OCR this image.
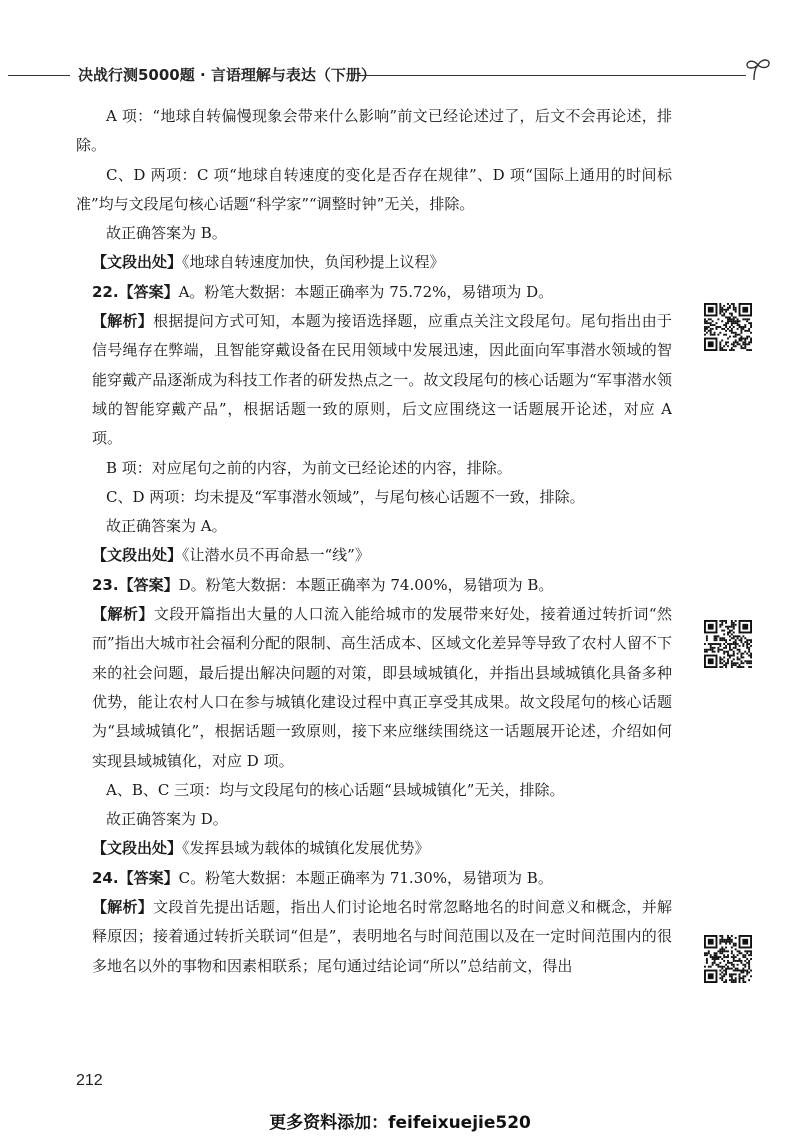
决战行测5000题 · 言语理解与表达（下册）
A 项：“地球自转偏慢现象会带来什么影响”前文已经论述过了，后文不会再论述，排除。
C、D 两项：C 项“地球自转速度的变化是否存在规律”、D 项“国际上通用的时间标准”均与文段尾句核心话题“科学家”“调整时钟”无关，排除。
故正确答案为 B。
【文段出处】《地球自转速度加快，负闰秒提上议程》
22.【答案】A。粉笔大数据：本题正确率为 75.72%，易错项为 D。
【解析】根据提问方式可知，本题为接语选择题，应重点关注文段尾句。尾句指出由于信号绳存在弊端，且智能穿戴设备在民用领域中发展迅速，因此面向军事潜水领域的智能穿戴产品逐渐成为科技工作者的研发热点之一。故文段尾句的核心话题为“军事潜水领域的智能穿戴产品”，根据话题一致的原则，后文应围绕这一话题展开论述，对应 A 项。
B 项：对应尾句之前的内容，为前文已经论述的内容，排除。
C、D 两项：均未提及“军事潜水领域”，与尾句核心话题不一致，排除。
故正确答案为 A。
【文段出处】《让潜水员不再命悬一“线”》
23.【答案】D。粉笔大数据：本题正确率为 74.00%，易错项为 B。
【解析】文段开篇指出大量的人口流入能给城市的发展带来好处，接着通过转折词“然而”指出大城市社会福利分配的限制、高生活成本、区域文化差异等导致了农村人留不下来的社会问题，最后提出解决问题的对策，即县域城镇化，并指出县域城镇化具备多种优势，能让农村人口在参与城镇化建设过程中真正享受其成果。故文段尾句的核心话题为“县域城镇化”，根据话题一致原则，接下来应继续围绕这一话题展开论述，介绍如何实现县域城镇化，对应 D 项。
A、B、C 三项：均与文段尾句的核心话题“县域城镇化”无关，排除。
故正确答案为 D。
【文段出处】《发挥县域为载体的城镇化发展优势》
24.【答案】C。粉笔大数据：本题正确率为 71.30%，易错项为 B。
【解析】文段首先提出话题，指出人们讨论地名时常忽略地名的时间意义和概念，并解释原因；接着通过转折关联词“但是”，表明地名与时间范围以及在一定时间范围内的很多地名以外的事物和因素相联系；尾句通过结论词“所以”总结前文，得出
212
更多资料添加：feifeixuejie520
